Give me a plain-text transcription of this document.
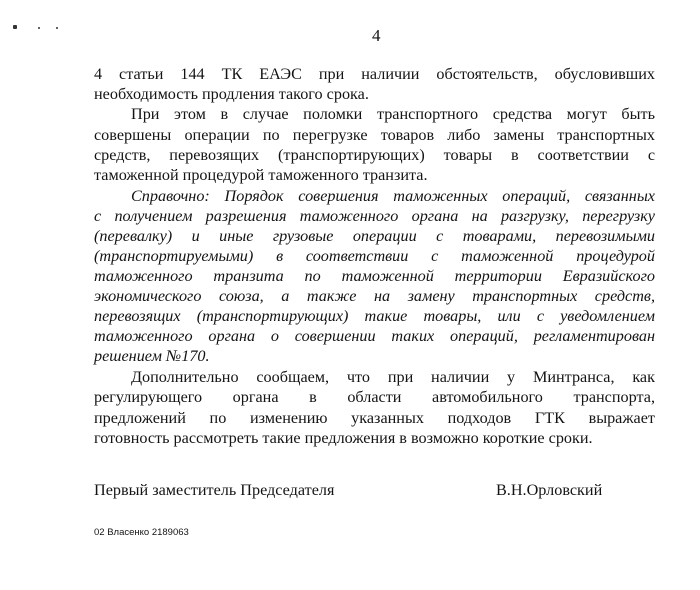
4
4 статьи 144 ТК ЕАЭС при наличии обстоятельств, обусловивших
необходимость продления такого срока.
При этом в случае поломки транспортного средства могут быть
совершены операции по перегрузке товаров либо замены транспортных
средств, перевозящих (транспортирующих) товары в соответствии с
таможенной процедурой таможенного транзита.
Справочно: Порядок совершения таможенных операций, связанных
с получением разрешения таможенного органа на разгрузку, перегрузку
(перевалку) и иные грузовые операции с товарами, перевозимыми
(транспортируемыми) в соответствии с таможенной процедурой
таможенного транзита по таможенной территории Евразийского
экономического союза, а также на замену транспортных средств,
перевозящих (транспортирующих) такие товары, или с уведомлением
таможенного органа о совершении таких операций, регламентирован
решением №170.
Дополнительно сообщаем, что при наличии у Минтранса, как
регулирующего органа в области автомобильного транспорта,
предложений по изменению указанных подходов ГТК выражает
готовность рассмотреть такие предложения в возможно короткие сроки.
Первый заместитель Председателя	В.Н.Орловский
02 Власенко 2189063
